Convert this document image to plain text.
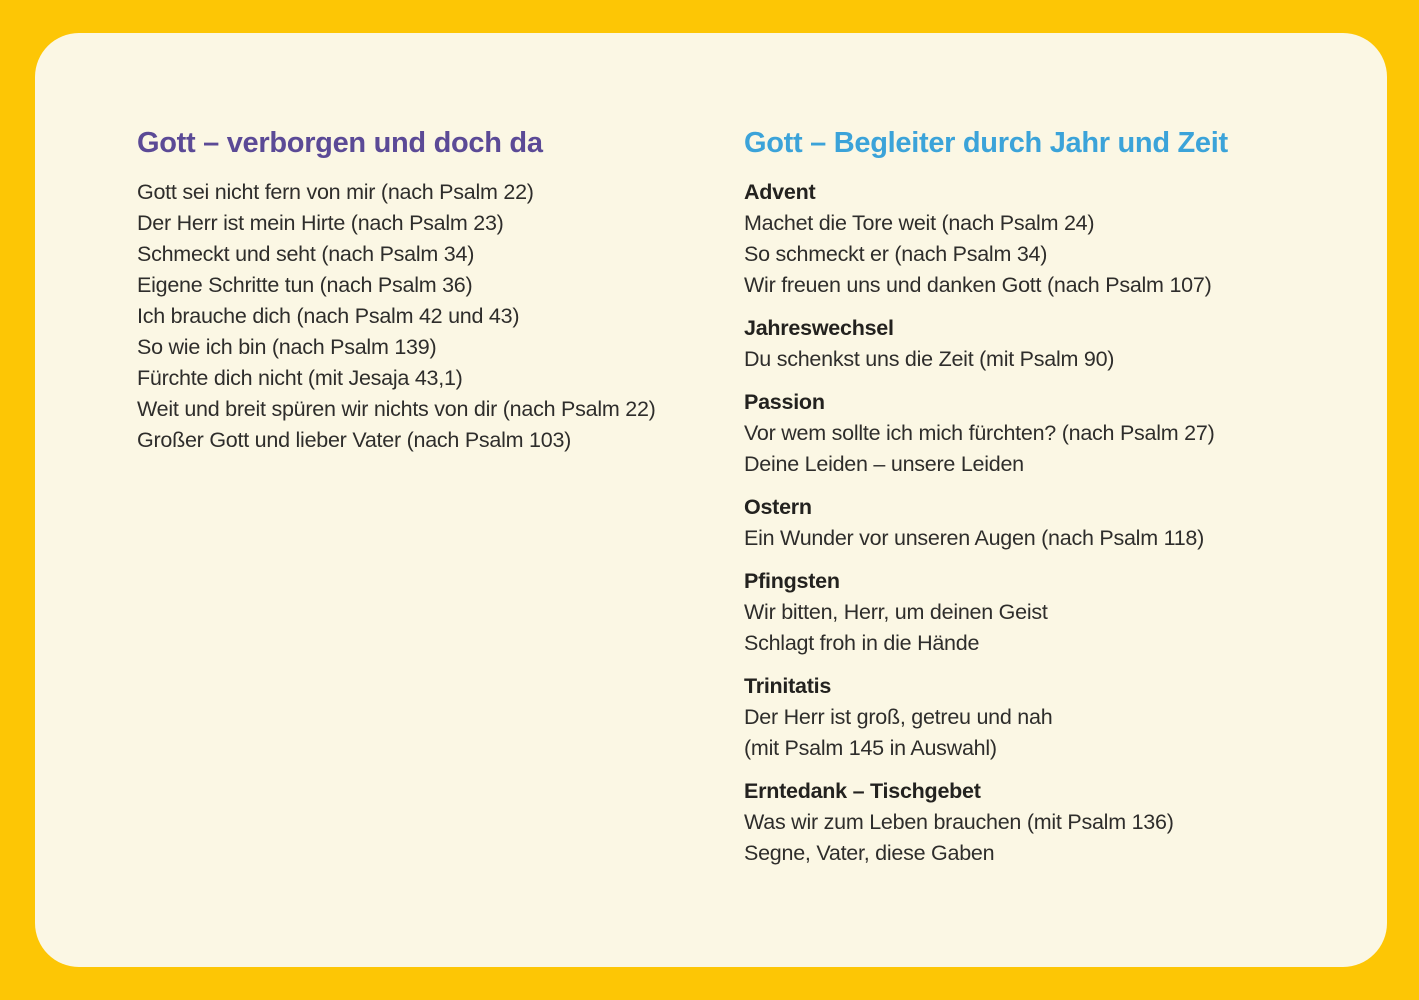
Gott – verborgen und doch da
Gott sei nicht fern von mir (nach Psalm 22)
Der Herr ist mein Hirte (nach Psalm 23)
Schmeckt und seht (nach Psalm 34)
Eigene Schritte tun (nach Psalm 36)
Ich brauche dich (nach Psalm 42 und 43)
So wie ich bin (nach Psalm 139)
Fürchte dich nicht (mit Jesaja 43,1)
Weit und breit spüren wir nichts von dir (nach Psalm 22)
Großer Gott und lieber Vater (nach Psalm 103)
Gott – Begleiter durch Jahr und Zeit
Advent
Machet die Tore weit (nach Psalm 24)
So schmeckt er (nach Psalm 34)
Wir freuen uns und danken Gott (nach Psalm 107)
Jahreswechsel
Du schenkst uns die Zeit (mit Psalm 90)
Passion
Vor wem sollte ich mich fürchten? (nach Psalm 27)
Deine Leiden – unsere Leiden
Ostern
Ein Wunder vor unseren Augen (nach Psalm 118)
Pfingsten
Wir bitten, Herr, um deinen Geist
Schlagt froh in die Hände
Trinitatis
Der Herr ist groß, getreu und nah
(mit Psalm 145 in Auswahl)
Erntedank – Tischgebet
Was wir zum Leben brauchen (mit Psalm 136)
Segne, Vater, diese Gaben
